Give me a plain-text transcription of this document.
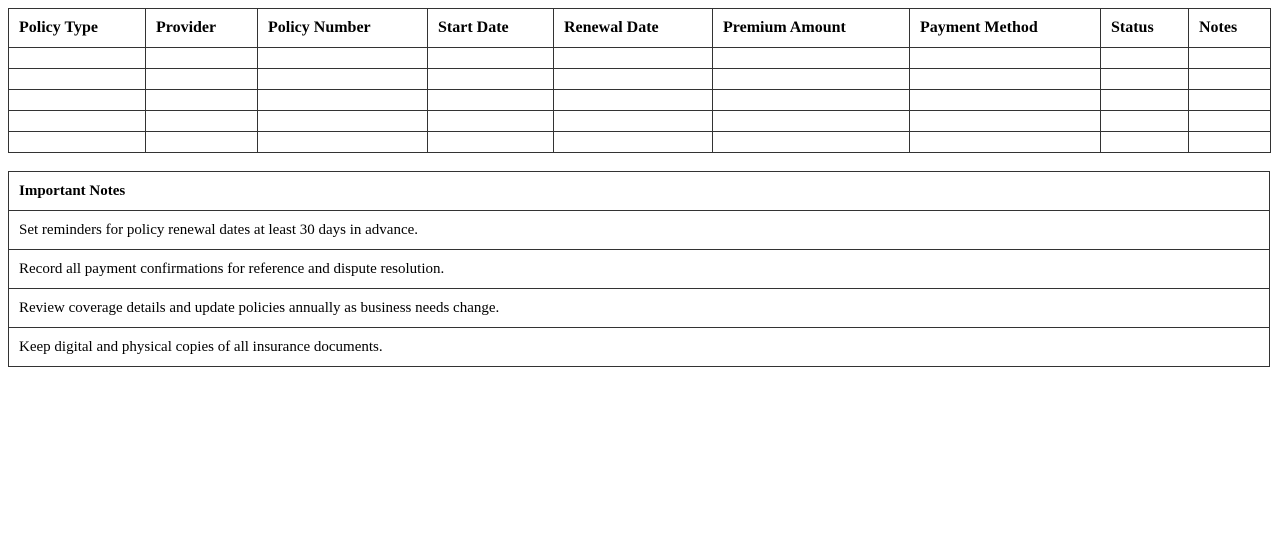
Policy Type	Provider	Policy Number	Start Date	Renewal Date	Premium Amount	Payment Method	Status	Notes

Important Notes
Set reminders for policy renewal dates at least 30 days in advance.
Record all payment confirmations for reference and dispute resolution.
Review coverage details and update policies annually as business needs change.
Keep digital and physical copies of all insurance documents.
